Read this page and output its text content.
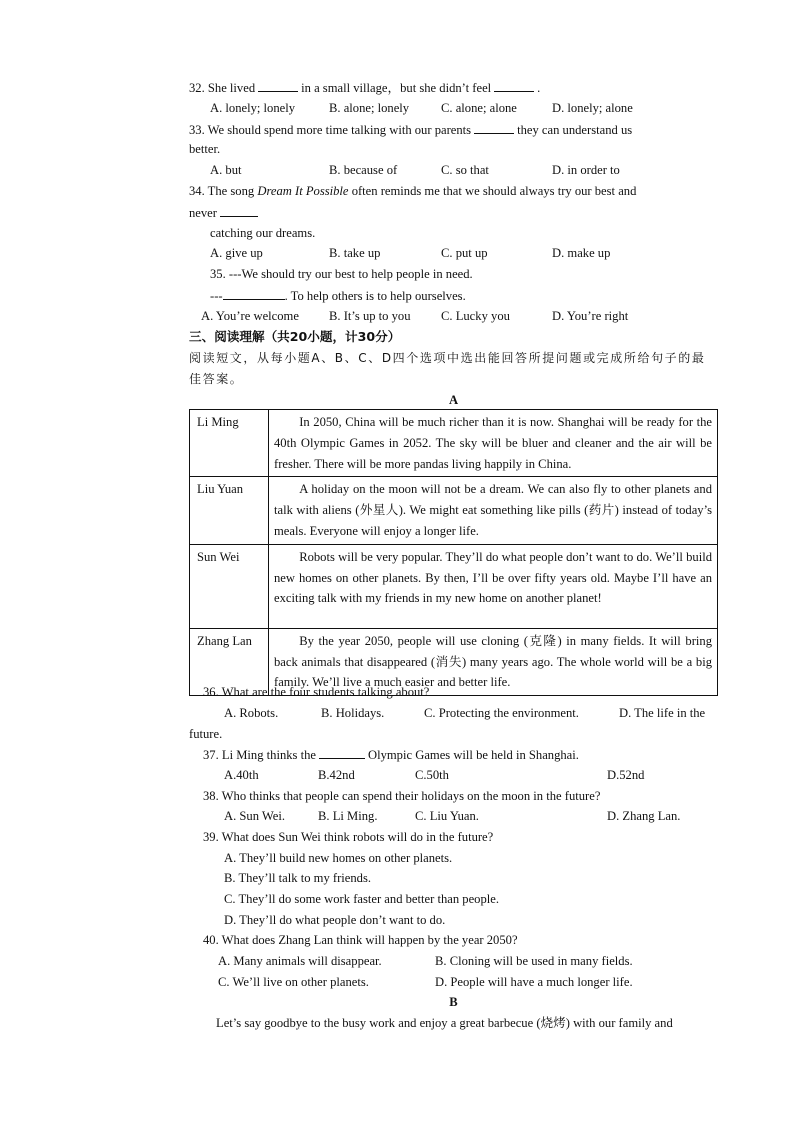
32. She lived	in a small village，but she didn’t feel	.
A. lonely; lonely	B. alone; lonely	C. alone; alone	D. lonely; alone
33. We should spend more time talking with our parents	they can understand us
better.
A. but	B. because of	C. so that	D. in order to
34. The song Dream It Possible often reminds me that we should always try our best and
never
catching our dreams.
A. give up	B. take up	C. put up	D. make up
35. ---We should try our best to help people in need.
---	. To help others is to help ourselves.
A. You’re welcome B. It’s up to you C. Lucky you	D. You’re right
三、阅读理解（共20小题，计30分）
阅读短文，从每小题A、B、C、D四个选项中选出能回答所提问题或完成所给句子的最
佳答案。
A
Li Ming	In 2050, China will be much richer than it is now. Shanghai will be ready for the 40th Olympic Games in 2052. The sky will be bluer and cleaner and the air will be fresher. There will be more pandas living happily in China.
Liu Yuan	A holiday on the moon will not be a dream. We can also fly to other planets and talk with aliens (外星人). We might eat something like pills (药片) instead of today’s meals. Everyone will enjoy a longer life.
Sun Wei	Robots will be very popular. They’ll do what people don’t want to do. We’ll build new homes on other planets. By then, I’ll be over fifty years old. Maybe I’ll have an exciting talk with my friends in my new home on another planet!
Zhang Lan	By the year 2050, people will use cloning (克隆) in many fields. It will bring back animals that disappeared (消失) many years ago. The whole world will be a big family. We’ll live a much easier and better life.
36. What are the four students talking about?
A. Robots.	B. Holidays.	C. Protecting the environment.	D. The life in the
future.
37. Li Ming thinks the	Olympic Games will be held in Shanghai.
A.40th	B.42nd	C.50th	D.52nd
38. Who thinks that people can spend their holidays on the moon in the future?
A. Sun Wei.	B. Li Ming.	C. Liu Yuan.	D. Zhang Lan.
39. What does Sun Wei think robots will do in the future?
A. They’ll build new homes on other planets.
B. They’ll talk to my friends.
C. They’ll do some work faster and better than people.
D. They’ll do what people don’t want to do.
40. What does Zhang Lan think will happen by the year 2050?
A. Many animals will disappear.	B. Cloning will be used in many fields.
C. We’ll live on other planets.	D. People will have a much longer life.
B
Let’s say goodbye to the busy work and enjoy a great barbecue (烧烤) with our family and
